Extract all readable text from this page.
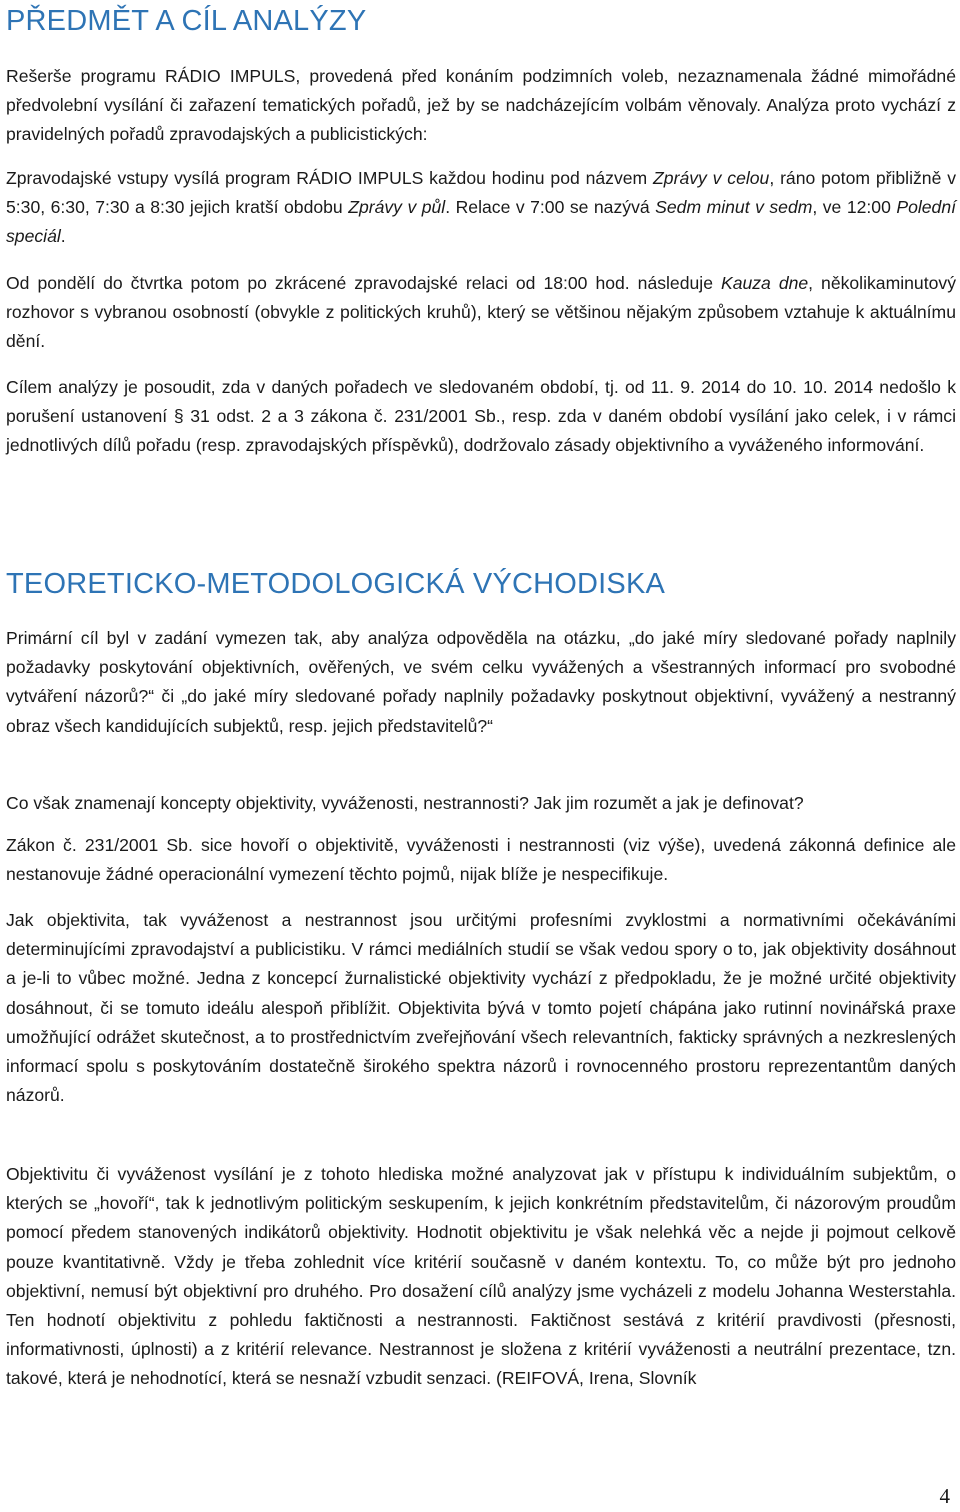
PŘEDMĚT A CÍL ANALÝZY

Rešerše programu RÁDIO IMPULS, provedená před konáním podzimních voleb, nezaznamenala žádné mimořádné předvolební vysílání či zařazení tematických pořadů, jež by se nadcházejícím volbám věnovaly. Analýza proto vychází z pravidelných pořadů zpravodajských a publicistických:

Zpravodajské vstupy vysílá program RÁDIO IMPULS každou hodinu pod názvem Zprávy v celou, ráno potom přibližně v 5:30, 6:30, 7:30 a 8:30 jejich kratší obdobu Zprávy v půl. Relace v 7:00 se nazývá Sedm minut v sedm, ve 12:00 Polední speciál.

Od pondělí do čtvrtka potom po zkrácené zpravodajské relaci od 18:00 hod. následuje Kauza dne, několikaminutový rozhovor s vybranou osobností (obvykle z politických kruhů), který se většinou nějakým způsobem vztahuje k aktuálnímu dění.

Cílem analýzy je posoudit, zda v daných pořadech ve sledovaném období, tj. od 11. 9. 2014 do 10. 10. 2014 nedošlo k porušení ustanovení § 31 odst. 2 a 3 zákona č. 231/2001 Sb., resp. zda v daném období vysílání jako celek, i v rámci jednotlivých dílů pořadu (resp. zpravodajských příspěvků), dodržovalo zásady objektivního a vyváženého informování.

TEORETICKO-METODOLOGICKÁ VÝCHODISKA

Primární cíl byl v zadání vymezen tak, aby analýza odpověděla na otázku, „do jaké míry sledované pořady naplnily požadavky poskytování objektivních, ověřených, ve svém celku vyvážených a všestranných informací pro svobodné vytváření názorů?“ či „do jaké míry sledované pořady naplnily požadavky poskytnout objektivní, vyvážený a nestranný obraz všech kandidujících subjektů, resp. jejich představitelů?“

Co však znamenají koncepty objektivity, vyváženosti, nestrannosti? Jak jim rozumět a jak je definovat?

Zákon č. 231/2001 Sb. sice hovoří o objektivitě, vyváženosti i nestrannosti (viz výše), uvedená zákonná definice ale nestanovuje žádné operacionální vymezení těchto pojmů, nijak blíže je nespecifikuje.

Jak objektivita, tak vyváženost a nestrannost jsou určitými profesními zvyklostmi a normativními očekáváními determinujícími zpravodajství a publicistiku. V rámci mediálních studií se však vedou spory o to, jak objektivity dosáhnout a je-li to vůbec možné. Jedna z koncepcí žurnalistické objektivity vychází z předpokladu, že je možné určité objektivity dosáhnout, či se tomuto ideálu alespoň přiblížit. Objektivita bývá v tomto pojetí chápána jako rutinní novinářská praxe umožňující odrážet skutečnost, a to prostřednictvím zveřejňování všech relevantních, fakticky správných a nezkreslených informací spolu s poskytováním dostatečně širokého spektra názorů i rovnocenného prostoru reprezentantům daných názorů.

Objektivitu či vyváženost vysílání je z tohoto hlediska možné analyzovat jak v přístupu k individuálním subjektům, o kterých se „hovoří“, tak k jednotlivým politickým seskupením, k jejich konkrétním představitelům, či názorovým proudům pomocí předem stanovených indikátorů objektivity. Hodnotit objektivitu je však nelehká věc a nejde ji pojmout celkově pouze kvantitativně. Vždy je třeba zohlednit více kritérií současně v daném kontextu. To, co může být pro jednoho objektivní, nemusí být objektivní pro druhého. Pro dosažení cílů analýzy jsme vycházeli z modelu Johanna Westerstahla. Ten hodnotí objektivitu z pohledu faktičnosti a nestrannosti. Faktičnost sestává z kritérií pravdivosti (přesnosti, informativnosti, úplnosti) a z kritérií relevance. Nestrannost je složena z kritérií vyváženosti a neutrální prezentace, tzn. takové, která je nehodnotící, která se nesnaží vzbudit senzaci. (REIFOVÁ, Irena, Slovník

4
